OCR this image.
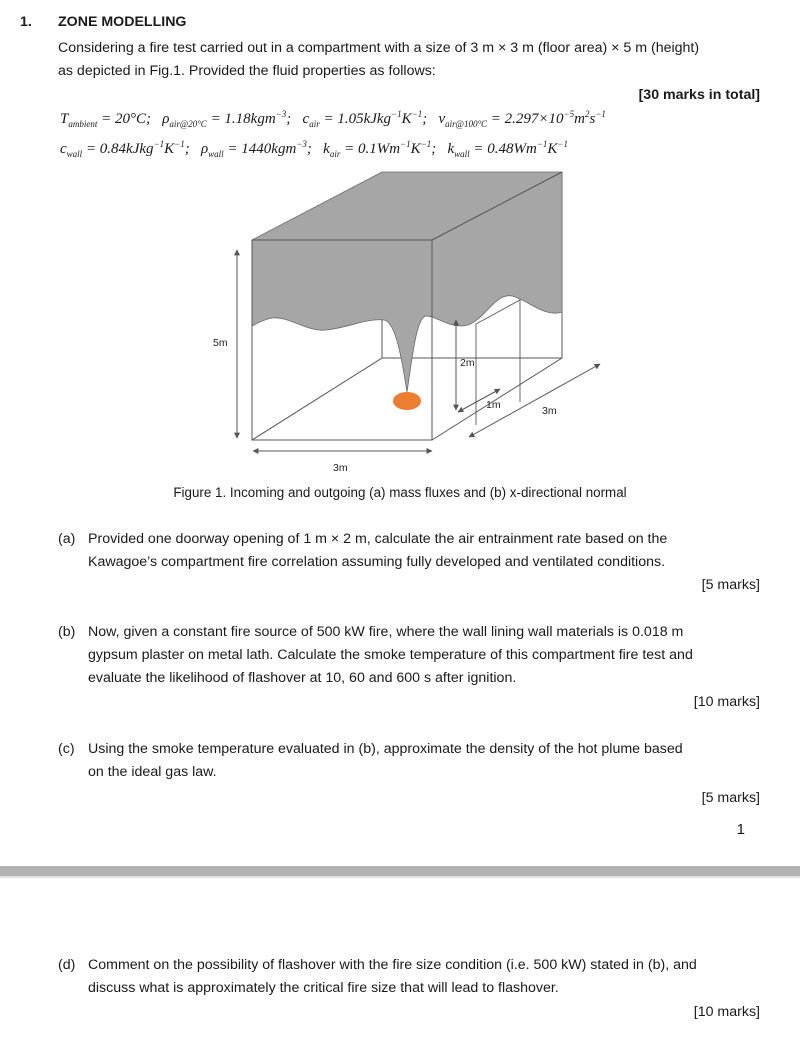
1. ZONE MODELLING
Considering a fire test carried out in a compartment with a size of 3 m × 3 m (floor area) × 5 m (height)
as depicted in Fig.1. Provided the fluid properties as follows:
[30 marks in total]
$T_{ambient} = 20^\circ C$; $\rho_{air@20^\circ C} = 1.18kgm^{-3}$; $c_{air}$ = $1.05kJkg^{-1}K^{-1}$; $v_{air@100^\circ C} = 2.297\times 10^{-5}m^2s^{-1}$
$c_{wall}$ = $0.84kJkg^{-1}K^{-1}$; $\rho_{wall} = 1440kgm^{-3}$; $k_{air} = 0.1Wm^{-1}K^{-1}$; $k_{wall} = 0.48Wm^{-1}K^{-1}$
5m
2m
1m	3m
3m
Figure 1. Incoming and outgoing (a) mass fluxes and (b) x-directional normal
(a) Provided one doorway opening of 1 m × 2 m, calculate the air entrainment rate based on the
Kawagoe’s compartment fire correlation assuming fully developed and ventilated conditions.
[5 marks]
(b) Now, given a constant fire source of 500 kW fire, where the wall lining wall materials is 0.018 m
gypsum plaster on metal lath. Calculate the smoke temperature of this compartment fire test and
evaluate the likelihood of flashover at 10, 60 and 600 s after ignition.
[10 marks]
(c) Using the smoke temperature evaluated in (b), approximate the density of the hot plume based
on the ideal gas law.
[5 marks]
1
(d) Comment on the possibility of flashover with the fire size condition (i.e. 500 kW) stated in (b), and
discuss what is approximately the critical fire size that will lead to flashover.
[10 marks]
